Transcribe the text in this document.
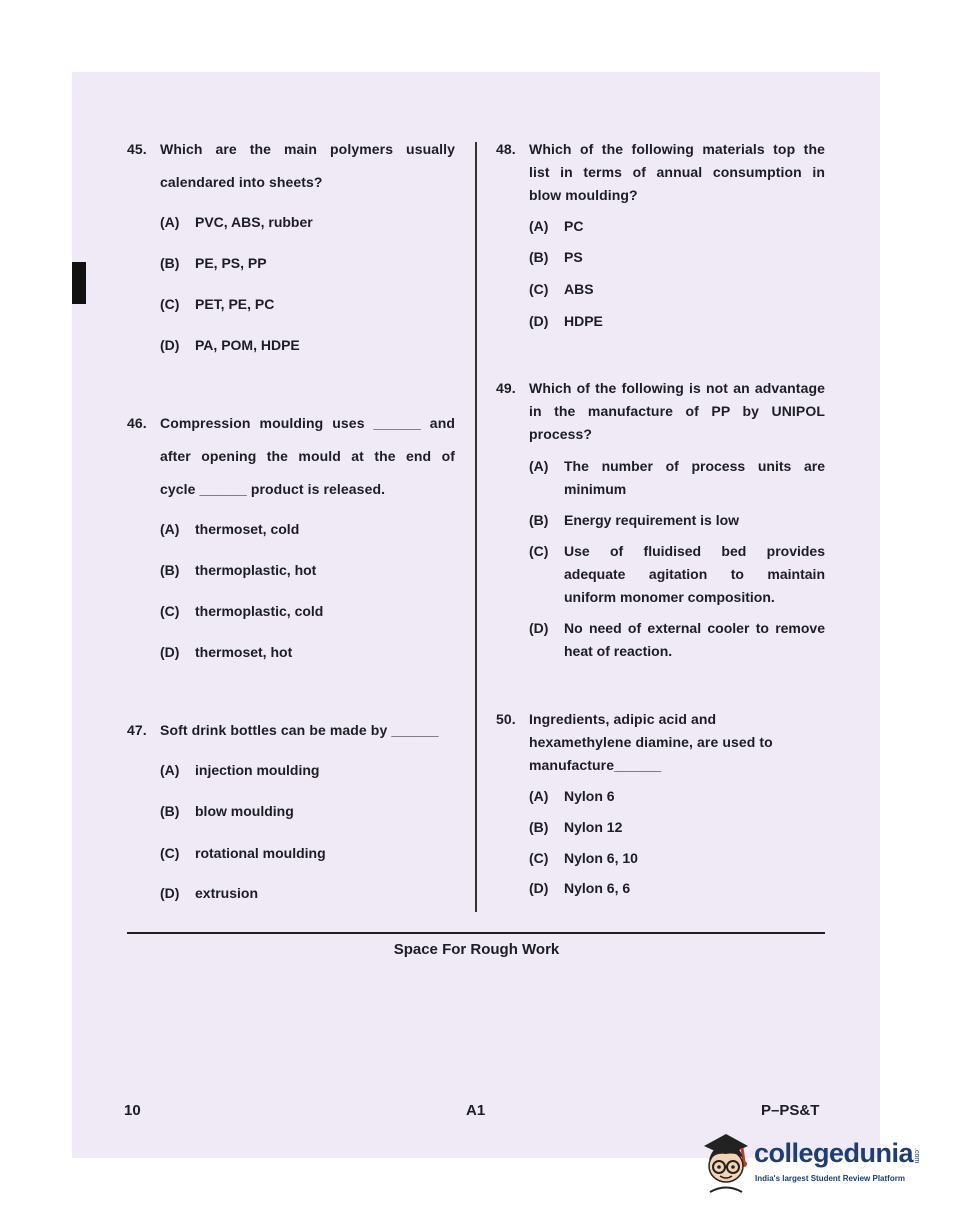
45. Which are the main polymers usually
calendared into sheets?
(A) PVC, ABS, rubber
(B) PE, PS, PP
(C) PET, PE, PC
(D) PA, POM, HDPE
46. Compression moulding uses ______ and
after opening the mould at the end of
cycle ______ product is released.
(A) thermoset, cold
(B) thermoplastic, hot
(C) thermoplastic, cold
(D) thermoset, hot
47. Soft drink bottles can be made by ______
(A) injection moulding
(B) blow moulding
(C) rotational moulding
(D) extrusion
48. Which of the following materials top the
list in terms of annual consumption in
blow moulding?
(A) PC
(B) PS
(C) ABS
(D) HDPE
49. Which of the following is not an advantage
in the manufacture of PP by UNIPOL
process?
(A) The number of process units are
minimum
(B) Energy requirement is low
(C) Use of fluidised bed provides
adequate agitation to maintain
uniform monomer composition.
(D) No need of external cooler to remove
heat of reaction.
50. Ingredients, adipic acid and
hexamethylene diamine, are used to
manufacture______
(A) Nylon 6
(B) Nylon 12
(C) Nylon 6, 10
(D) Nylon 6, 6
Space For Rough Work
10	A1	P–PS&T
collegedunia .com
India's largest Student Review Platform
